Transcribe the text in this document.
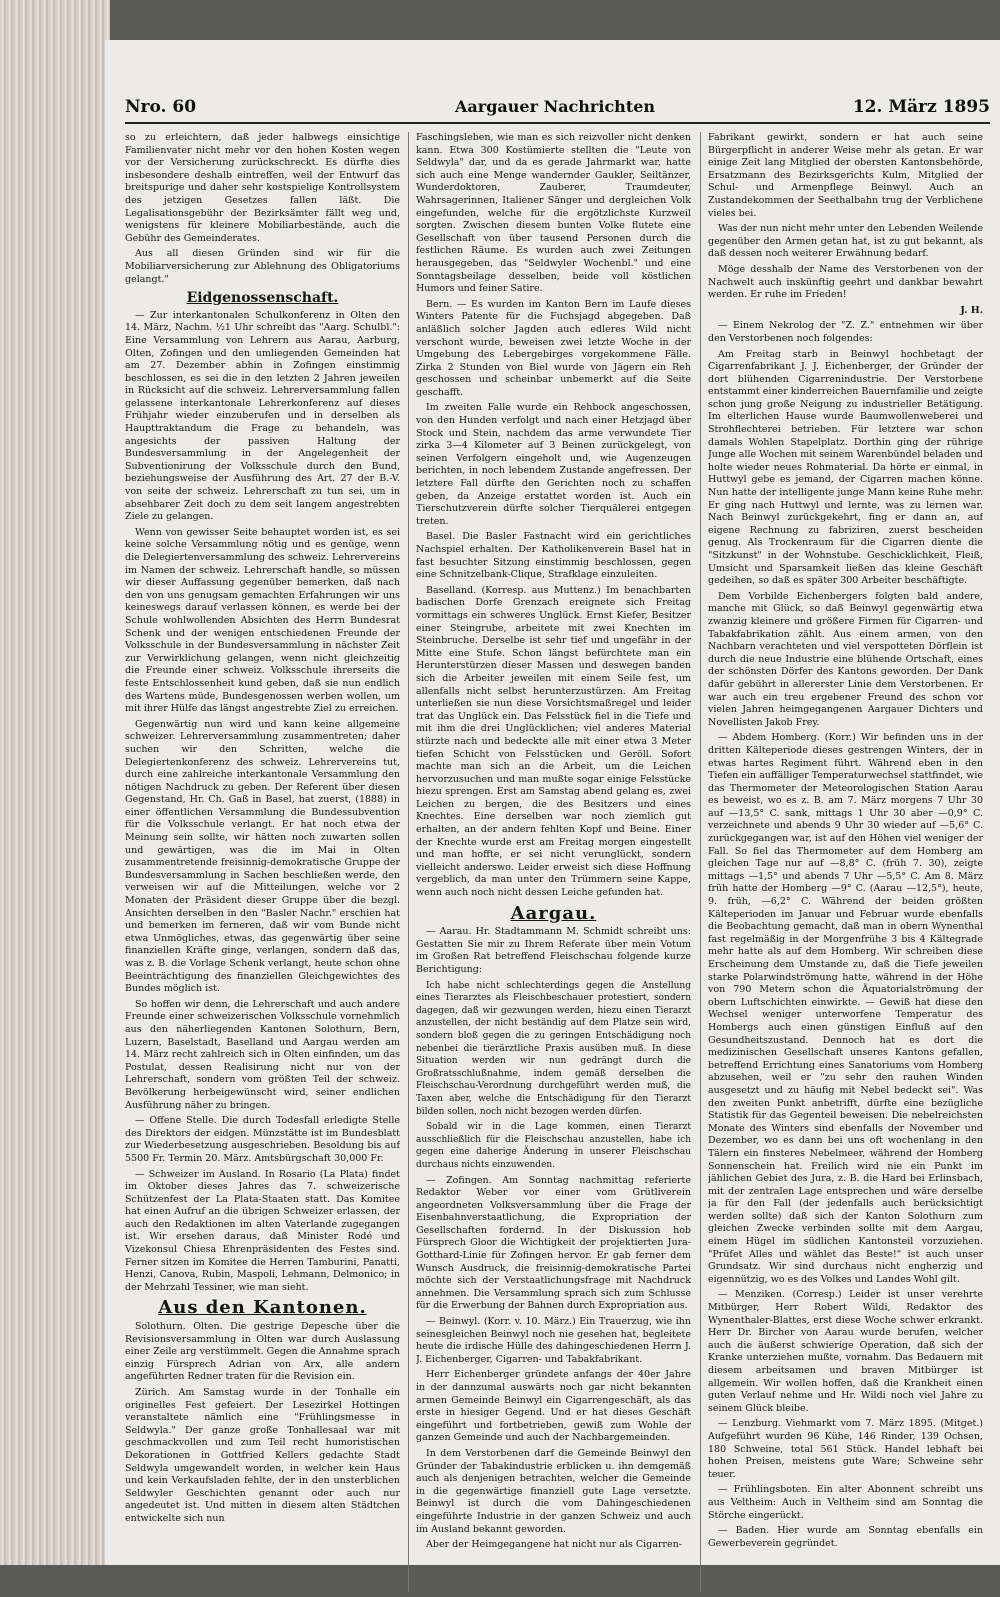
Nro. 60	Aargauer Nachrichten	12. März 1895

so zu erleichtern, daß jeder halbwegs einsichtige Familienvater nicht mehr vor den hohen Kosten wegen vor der Versicherung zurückschreckt. Es dürfte dies insbesondere deshalb eintreffen, weil der Entwurf das breitspurige und daher sehr kostspielige Kontrollsystem des jetzigen Gesetzes fallen läßt. Die Legalisationsgebühr der Bezirksämter fällt weg und, wenigstens für kleinere Mobiliarbestände, auch die Gebühr des Gemeinderates.

Aus all diesen Gründen sind wir für die Mobiliarversicherung zur Ablehnung des Obligatoriums gelangt."

Eidgenossenschaft.

— Zur interkantonalen Schulkonferenz in Olten den 14. März, Nachm. ½1 Uhr schreibt das "Aarg. Schulbl.": Eine Versammlung von Lehrern aus Aarau, Aarburg, Olten, Zofingen und den umliegenden Gemeinden hat am 27. Dezember abhin in Zofingen einstimmig beschlossen, es sei die in den letzten 2 Jahren jeweilen in Rücksicht auf die schweiz. Lehrerversammlung fallen gelassene interkantonale Lehrerkonferenz auf dieses Frühjahr wieder einzuberufen und in derselben als Haupttraktandum die Frage zu behandeln, was angesichts der passiven Haltung der Bundesversammlung in der Angelegenheit der Subventionirung der Volksschule durch den Bund, beziehungsweise der Ausführung des Art. 27 der B.-V. von seite der schweiz. Lehrerschaft zu tun sei, um in absehbarer Zeit doch zu dem seit langem angestrebten Ziele zu gelangen.

Wenn von gewisser Seite behauptet worden ist, es sei keine solche Versammlung nötig und es genüge, wenn die Delegiertenversammlung des schweiz. Lehrervereins im Namen der schweiz. Lehrerschaft handle, so müssen wir dieser Auffassung gegenüber bemerken, daß nach den von uns genugsam gemachten Erfahrungen wir uns keineswegs darauf verlassen können, es werde bei der Schule wohlwollenden Absichten des Herrn Bundesrat Schenk und der wenigen entschiedenen Freunde der Volksschule in der Bundesversammlung in nächster Zeit zur Verwirklichung gelangen, wenn nicht gleichzeitig die Freunde einer schweiz. Volksschule ihrerseits die feste Entschlossenheit kund geben, daß sie nun endlich des Wartens müde, Bundesgenossen werben wollen, um mit ihrer Hülfe das längst angestrebte Ziel zu erreichen.

Gegenwärtig nun wird und kann keine allgemeine schweizer. Lehrerversammlung zusammentreten; daher suchen wir den Schritten, welche die Delegiertenkonferenz des schweiz. Lehrervereins tut, durch eine zahlreiche interkantonale Versammlung den nötigen Nachdruck zu geben. Der Referent über diesen Gegenstand, Hr. Ch. Gaß in Basel, hat zuerst, (1888) in einer öffentlichen Versammlung die Bundessubvention für die Volksschule verlangt. Er hat noch etwa der Meinung sein sollte, wir hätten noch zuwarten sollen und gewärtigen, was die im Mai in Olten zusammentretende freisinnig-demokratische Gruppe der Bundesversammlung in Sachen beschließen werde, den verweisen wir auf die Mitteilungen, welche vor 2 Monaten der Präsident dieser Gruppe über die bezgl. Ansichten derselben in den "Basler Nachr." erschien hat und bemerken im ferneren, daß wir vom Bunde nicht etwa Unmögliches, etwas, das gegenwärtig über seine finanziellen Kräfte ginge, verlangen, sondern daß das, was z. B. die Vorlage Schenk verlangt, heute schon ohne Beeinträchtigung des finanziellen Gleichgewichtes des Bundes möglich ist.

So hoffen wir denn, die Lehrerschaft und auch andere Freunde einer schweizerischen Volksschule vornehmlich aus den näherliegenden Kantonen Solothurn, Bern, Luzern, Baselstadt, Baselland und Aargau werden am 14. März recht zahlreich sich in Olten einfinden, um das Postulat, dessen Realisirung nicht nur von der Lehrerschaft, sondern vom größten Teil der schweiz. Bevölkerung herbeigewünscht wird, seiner endlichen Ausführung näher zu bringen.

— Offene Stelle. Die durch Todesfall erledigte Stelle des Direktors der eidgen. Münzstätte ist im Bundesblatt zur Wiederbesetzung ausgeschrieben. Besoldung bis auf 5500 Fr. Termin 20. März. Amtsbürgschaft 30,000 Fr.

— Schweizer im Ausland. In Rosario (La Plata) findet im Oktober dieses Jahres das 7. schweizerische Schützenfest der La Plata-Staaten statt. Das Komitee hat einen Aufruf an die übrigen Schweizer erlassen, der auch den Redaktionen im alten Vaterlande zugegangen ist. Wir ersehen daraus, daß Minister Rodé und Vizekonsul Chiesa Ehrenpräsidenten des Festes sind. Ferner sitzen im Komitee die Herren Tamburini, Panatti, Henzi, Canova, Rubin, Maspoli, Lehmann, Delmonico; in der Mehrzahl Tessiner, wie man sieht.

Aus den Kantonen.

Solothurn. Olten. Die gestrige Depesche über die Revisionsversammlung in Olten war durch Auslassung einer Zeile arg verstümmelt. Gegen die Annahme sprach einzig Fürsprech Adrian von Arx, alle andern angeführten Redner traten für die Revision ein.

Zürich. Am Samstag wurde in der Tonhalle ein originelles Fest gefeiert. Der Lesezirkel Hottingen veranstaltete nämlich eine "Frühlingsmesse in Seldwyla." Der ganze große Tonhallesaal war mit geschmackvollen und zum Teil recht humoristischen Dekorationen in Gottfried Kellers gedachte Stadt Seldwyla umgewandelt worden, in welcher kein Haus und kein Verkaufsladen fehlte, der in den unsterblichen Seldwyler Geschichten genannt oder auch nur angedeutet ist. Und mitten in diesem alten Städtchen entwickelte sich nun

Faschingsleben, wie man es sich reizvoller nicht denken kann. Etwa 300 Kostümierte stellten die "Leute von Seldwyla" dar, und da es gerade Jahrmarkt war, hatte sich auch eine Menge wandernder Gaukler, Seiltänzer, Wunderdoktoren, Zauberer, Traumdeuter, Wahrsagerinnen, Italiener Sänger und dergleichen Volk eingefunden, welche für die ergötzlichste Kurzweil sorgten. Zwischen diesem bunten Volke flutete eine Gesellschaft von über tausend Personen durch die festlichen Räume. Es wurden auch zwei Zeitungen herausgegeben, das "Seldwyler Wochenbl." und eine Sonntagsbeilage desselben, beide voll köstlichen Humors und feiner Satire.

Bern. — Es wurden im Kanton Bern im Laufe dieses Winters Patente für die Fuchsjagd abgegeben. Daß anläßlich solcher Jagden auch edleres Wild nicht verschont wurde, beweisen zwei letzte Woche in der Umgebung des Lebergebirges vorgekommene Fälle. Zirka 2 Stunden von Biel wurde von Jägern ein Reh geschossen und scheinbar unbemerkt auf die Seite geschafft.

Im zweiten Falle wurde ein Rehbock angeschossen, von den Hunden verfolgt und nach einer Hetzjagd über Stock und Stein, nachdem das arme verwundete Tier zirka 3—4 Kilometer auf 3 Beinen zurückgelegt, von seinen Verfolgern eingeholt und, wie Augenzeugen berichten, in noch lebendem Zustande angefressen. Der letztere Fall dürfte den Gerichten noch zu schaffen geben, da Anzeige erstattet worden ist. Auch ein Tierschutzverein dürfte solcher Tierquälerei entgegen treten.

Basel. Die Basler Fastnacht wird ein gerichtliches Nachspiel erhalten. Der Katholikenverein Basel hat in fast besuchter Sitzung einstimmig beschlossen, gegen eine Schnitzelbank-Clique, Strafklage einzuleiten.

Baselland. (Korresp. aus Muttenz.) Im benachbarten badischen Dorfe Grenzach ereignete sich Freitag vormittags ein schweres Unglück. Ernst Kiefer, Besitzer einer Steingrube, arbeitete mit zwei Knechten im Steinbruche. Derselbe ist sehr tief und ungefähr in der Mitte eine Stufe. Schon längst befürchtete man ein Herunterstürzen dieser Massen und deswegen banden sich die Arbeiter jeweilen mit einem Seile fest, um allenfalls nicht selbst herunterzustürzen. Am Freitag unterließen sie nun diese Vorsichtsmaßregel und leider trat das Unglück ein. Das Felsstück fiel in die Tiefe und mit ihm die drei Unglücklichen; viel anderes Material stürzte nach und bedeckte alle mit einer etwa 3 Meter tiefen Schicht von Felsstücken und Geröll. Sofort machte man sich an die Arbeit, um die Leichen hervorzusuchen und man mußte sogar einige Felsstücke hiezu sprengen. Erst am Samstag abend gelang es, zwei Leichen zu bergen, die des Besitzers und eines Knechtes. Eine derselben war noch ziemlich gut erhalten, an der andern fehlten Kopf und Beine. Einer der Knechte wurde erst am Freitag morgen eingestellt und man hoffte, er sei nicht verunglückt, sondern vielleicht anderswo. Leider erweist sich diese Hoffnung vergeblich, da man unter den Trümmern seine Kappe, wenn auch noch nicht dessen Leiche gefunden hat.

Aargau.

— Aarau. Hr. Stadtammann M. Schmidt schreibt uns: Gestatten Sie mir zu Ihrem Referate über mein Votum im Großen Rat betreffend Fleischschau folgende kurze Berichtigung:

Ich habe nicht schlechterdings gegen die Anstellung eines Tierarztes als Fleischbeschauer protestiert, sondern dagegen, daß wir gezwungen werden, hiezu einen Tierarzt anzustellen, der nicht beständig auf dem Platze sein wird, sondern bloß gegen die zu geringen Entschädigung noch nebenbei die tierärztliche Praxis ausüben muß. In diese Situation werden wir nun gedrängt durch die Großratsschlußnahme, indem gemäß derselben die Fleischschau-Verordnung durchgeführt werden muß, die Taxen aber, welche die Entschädigung für den Tierarzt bilden sollen, noch nicht bezogen werden dürfen.

Sobald wir in die Lage kommen, einen Tierarzt ausschließlich für die Fleischschau anzustellen, habe ich gegen eine daherige Änderung in unserer Fleischschau durchaus nichts einzuwenden.

— Zofingen. Am Sonntag nachmittag referierte Redaktor Weber vor einer vom Grütliverein angeordneten Volksversammlung über die Frage der Eisenbahnverstaatlichung, die Expropriation der Gesellschaften fordernd. In der Diskussion hob Fürsprech Gloor die Wichtigkeit der projektierten Jura-Gotthard-Linie für Zofingen hervor. Er gab ferner dem Wunsch Ausdruck, die freisinnig-demokratische Partei möchte sich der Verstaatlichungsfrage mit Nachdruck annehmen. Die Versammlung sprach sich zum Schlusse für die Erwerbung der Bahnen durch Expropriation aus.

— Beinwyl. (Korr. v. 10. März.) Ein Trauerzug, wie ihn seinesgleichen Beinwyl noch nie gesehen hat, begleitete heute die irdische Hülle des dahingeschiedenen Herrn J. J. Eichenberger, Cigarren- und Tabakfabrikant.

Herr Eichenberger gründete anfangs der 40er Jahre in der dannzumal auswärts noch gar nicht bekannten armen Gemeinde Beinwyl ein Cigarrengeschäft, als das erste in hiesiger Gegend. Und er hat dieses Geschäft eingeführt und fortbetrieben, gewiß zum Wohle der ganzen Gemeinde und auch der Nachbargemeinden.

In dem Verstorbenen darf die Gemeinde Beinwyl den Gründer der Tabakindustrie erblicken u. ihn demgemäß auch als denjenigen betrachten, welcher die Gemeinde in die gegenwärtige finanziell gute Lage versetzte. Beinwyl ist durch die vom Dahingeschiedenen eingeführte Industrie in der ganzen Schweiz und auch im Ausland bekannt geworden.

Aber der Heimgegangene hat nicht nur als Cigarren-

Fabrikant gewirkt, sondern er hat auch seine Bürgerpflicht in anderer Weise mehr als getan. Er war einige Zeit lang Mitglied der obersten Kantonsbehörde, Ersatzmann des Bezirksgerichts Kulm, Mitglied der Schul- und Armenpflege Beinwyl. Auch an Zustandekommen der Seethalbahn trug der Verblichene vieles bei.

Was der nun nicht mehr unter den Lebenden Weilende gegenüber den Armen getan hat, ist zu gut bekannt, als daß dessen noch weiterer Erwähnung bedarf.

Möge desshalb der Name des Verstorbenen von der Nachwelt auch inskünftig geehrt und dankbar bewahrt werden. Er ruhe im Frieden!

J. H.

— Einem Nekrolog der "Z. Z." entnehmen wir über den Verstorbenen noch folgendes:

Am Freitag starb in Beinwyl hochbetagt der Cigarrenfabrikant J. J. Eichenberger, der Gründer der dort blühenden Cigarrenindustrie. Der Verstorbene entstammt einer kinderreichen Bauernfamilie und zeigte schon jung große Neigung zu industrieller Betätigung. Im elterlichen Hause wurde Baumwollenweberei und Strohflechterei betrieben. Für letztere war schon damals Wohlen Stapelplatz. Dorthin ging der rührige Junge alle Wochen mit seinem Warenbündel beladen und holte wieder neues Rohmaterial. Da hörte er einmal, in Huttwyl gebe es jemand, der Cigarren machen könne. Nun hatte der intelligente junge Mann keine Ruhe mehr. Er ging nach Huttwyl und lernte, was zu lernen war. Nach Beinwyl zurückgekehrt, fing er dann an, auf eigene Rechnung zu fabriziren, zuerst bescheiden genug. Als Trockenraum für die Cigarren diente die "Sitzkunst" in der Wohnstube. Geschicklichkeit, Fleiß, Umsicht und Sparsamkeit ließen das kleine Geschäft gedeihen, so daß es später 300 Arbeiter beschäftigte.

Dem Vorbilde Eichenbergers folgten bald andere, manche mit Glück, so daß Beinwyl gegenwärtig etwa zwanzig kleinere und größere Firmen für Cigarren- und Tabakfabrikation zählt. Aus einem armen, von den Nachbarn verachteten und viel verspotteten Dörflein ist durch die neue Industrie eine blühende Ortschaft, eines der schönsten Dörfer des Kantons geworden. Der Dank dafür gebührt in allererster Linie dem Verstorbenen. Er war auch ein treu ergebener Freund des schon vor vielen Jahren heimgegangenen Aargauer Dichters und Novellisten Jakob Frey.

— Abdem Homberg. (Korr.) Wir befinden uns in der dritten Kälteperiode dieses gestrengen Winters, der in etwas hartes Regiment führt. Während eben in den Tiefen ein auffälliger Temperaturwechsel stattfindet, wie das Thermometer der Meteorologischen Station Aarau es beweist, wo es z. B. am 7. März morgens 7 Uhr 30 auf —13,5° C. sank, mittags 1 Uhr 30 aber —0,9° C. verzeichnete und abends 9 Uhr 30 wieder auf —5,6° C. zurückgegangen war, ist auf den Höhen viel weniger der Fall. So fiel das Thermometer auf dem Homberg am gleichen Tage nur auf —8,8° C. (früh 7. 30), zeigte mittags —1,5° und abends 7 Uhr —5,5° C. Am 8. März früh hatte der Homberg —9° C. (Aarau —12,5°), heute, 9. früh, —6,2° C. Während der beiden größten Kälteperioden im Januar und Februar wurde ebenfalls die Beobachtung gemacht, daß man in obern Wynenthal fast regelmäßig in der Morgenfrühe 3 bis 4 Kältegrade mehr hatte als auf dem Homberg. Wir schreiben diese Erscheinung dem Umstande zu, daß die Tiefe jeweilen starke Polarwindströmung hatte, während in der Höhe von 790 Metern schon die Äquatorialströmung der obern Luftschichten einwirkte. — Gewiß hat diese den Wechsel weniger unterworfene Temperatur des Hombergs auch einen günstigen Einfluß auf den Gesundheitszustand. Dennoch hat es dort die medizinischen Gesellschaft unseres Kantons gefallen, betreffend Errichtung eines Sanatoriums vom Homberg abzusehen, weil er "zu sehr den rauhen Winden ausgesetzt und zu häufig mit Nebel bedeckt sei". Was den zweiten Punkt anbetrifft, dürfte eine bezügliche Statistik für das Gegenteil beweisen. Die nebelreichsten Monate des Winters sind ebenfalls der November und Dezember, wo es dann bei uns oft wochenlang in den Tälern ein finsteres Nebelmeer, während der Homberg Sonnenschein hat. Freilich wird nie ein Punkt im jählichen Gebiet des Jura, z. B. die Hard bei Erlinsbach, mit der zentralen Lage entsprechen und wäre derselbe ja für den Fall (der jedenfalls auch berücksichtigt werden sollte) daß sich der Kanton Solothurn zum gleichen Zwecke verbinden sollte mit dem Aargau, einem Hügel im südlichen Kantonsteil vorzuziehen. "Prüfet Alles und wählet das Beste!" ist auch unser Grundsatz. Wir sind durchaus nicht engherzig und eigennützig, wo es des Volkes und Landes Wohl gilt.

— Menziken. (Corresp.) Leider ist unser verehrte Mitbürger, Herr Robert Wildi, Redaktor des Wynenthaler-Blattes, erst diese Woche schwer erkrankt. Herr Dr. Bircher von Aarau wurde berufen, welcher auch die äußerst schwierige Operation, daß sich der Kranke unterziehen mußte, vornahm. Das Bedauern mit diesem arbeitsamen und braven Mitbürger ist allgemein. Wir wollen hoffen, daß die Krankheit einen guten Verlauf nehme und Hr. Wildi noch viel Jahre zu seinem Glück bleibe.

— Lenzburg. Viehmarkt vom 7. März 1895. (Mitget.) Aufgeführt wurden 96 Kühe, 146 Rinder, 139 Ochsen, 180 Schweine, total 561 Stück. Handel lebhaft bei hohen Preisen, meistens gute Ware; Schweine sehr teuer.

— Frühlingsboten. Ein alter Abonnent schreibt uns aus Veltheim: Auch in Veltheim sind am Sonntag die Störche eingerückt.

— Baden. Hier wurde am Sonntag ebenfalls ein Gewerbeverein gegründet.
